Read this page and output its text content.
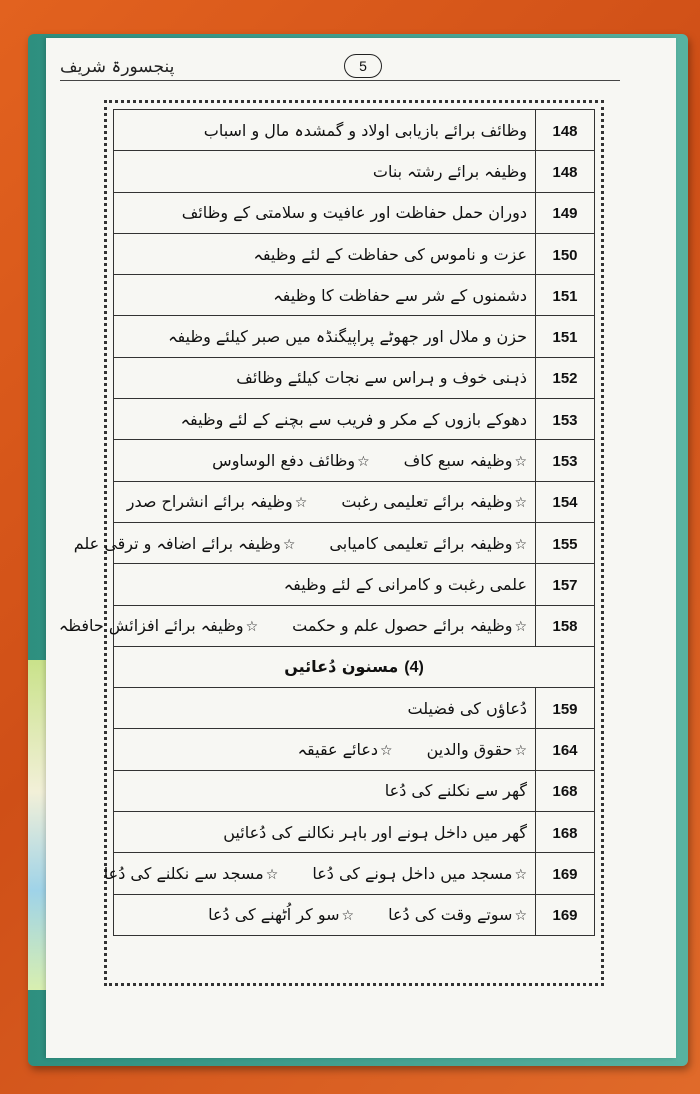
پنجسورۃ شریف	5
وظائف برائے بازیابی اولاد و گمشدہ مال و اسباب	148
وظیفہ برائے رشتہ بنات	148
دوران حمل حفاظت اور عافیت و سلامتی کے وظائف	149
عزت و ناموس کی حفاظت کے لئے وظیفہ	150
دشمنوں کے شر سے حفاظت کا وظیفہ	151
حزن و ملال اور جھوٹے پراپیگنڈہ میں صبر کیلئے وظیفہ	151
ذہنی خوف و ہراس سے نجات کیلئے وظائف	152
دھوکے بازوں کے مکر و فریب سے بچنے کے لئے وظیفہ	153
☆وظیفہ سبع کاف☆وظائف دفع الوساوس	153
☆وظیفہ برائے تعلیمی رغبت☆وظیفہ برائے انشراح صدر	154
☆وظیفہ برائے تعلیمی کامیابی☆وظیفہ برائے اضافہ و ترقی علم	155
علمی رغبت و کامرانی کے لئے وظیفہ	157
☆وظیفہ برائے حصول علم و حکمت☆وظیفہ برائے افزائش حافظہ	158
(4)مسنون دُعائیں	
دُعاؤں کی فضیلت	159
☆حقوق والدین☆دعائے عقیقہ	164
گھر سے نکلنے کی دُعا	168
گھر میں داخل ہونے اور باہر نکالنے کی دُعائیں	168
☆مسجد میں داخل ہونے کی دُعا☆مسجد سے نکلنے کی دُعا	169
☆سوتے وقت کی دُعا☆سو کر اُٹھنے کی دُعا	169
